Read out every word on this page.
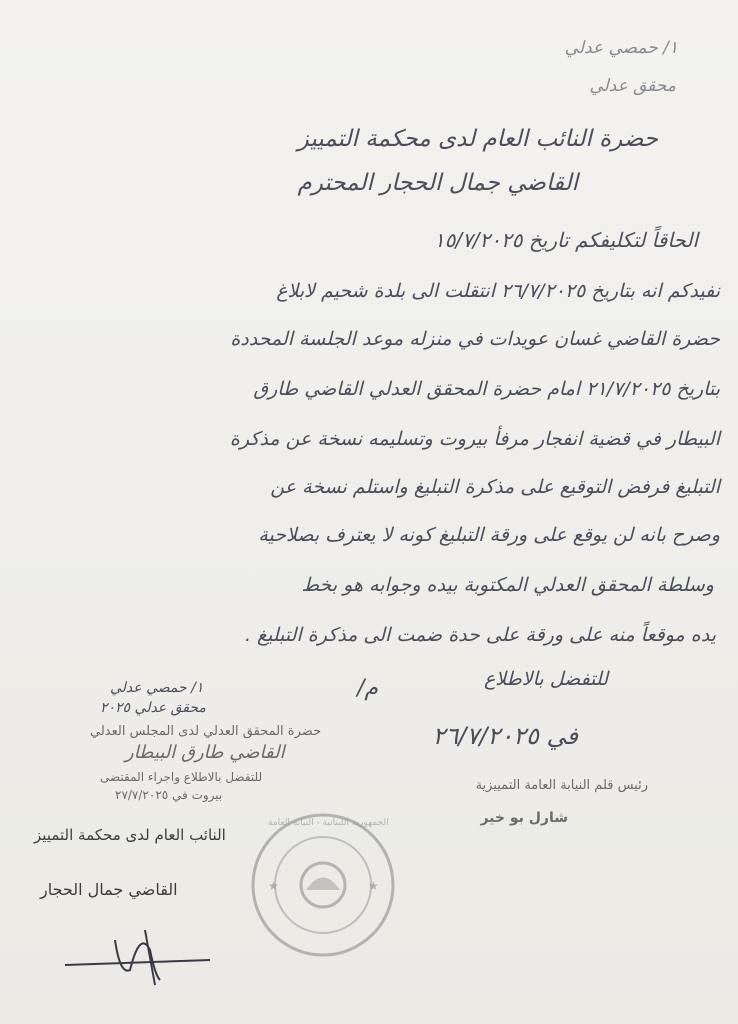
١/ حمصي عدلي
محقق عدلي
حضرة النائب العام لدى محكمة التمييز
القاضي جمال الحجار المحترم
الحاقاً لتكليفكم تاريخ ١٥/٧/٢٠٢٥
نفيدكم انه بتاريخ ٢٦/٧/٢٠٢٥ انتقلت الى بلدة شحيم لابلاغ
حضرة القاضي غسان عويدات في منزله موعد الجلسة المحددة
بتاريخ ٢١/٧/٢٠٢٥ امام حضرة المحقق العدلي القاضي طارق
البيطار في قضية انفجار مرفأ بيروت وتسليمه نسخة عن مذكرة
التبليغ فرفض التوقيع على مذكرة التبليغ واستلم نسخة عن
وصرح بانه لن يوقع على ورقة التبليغ كونه لا يعترف بصلاحية
وسلطة المحقق العدلي المكتوبة بيده وجوابه هو بخط
يده موقعاً منه على ورقة على حدة ضمت الى مذكرة التبليغ .
للتفضل بالاطلاع
م/
في ٢٦/٧/٢٠٢٥
١/ حمصي عدلي
محقق عدلي ٢٠٢٥
حضرة المحقق العدلي لدى المجلس العدلي
القاضي طارق البيطار
للتفضل بالاطلاع واجراء المقتضى
بيروت في ٢٧/٧/٢٠٢٥
رئيس قلم النيابة العامة التمييزية
شارل بو خير
النائب العام لدى محكمة التمييز
القاضي جمال الحجار	★	★
الجمهورية اللبنانية - النيابة العامة
